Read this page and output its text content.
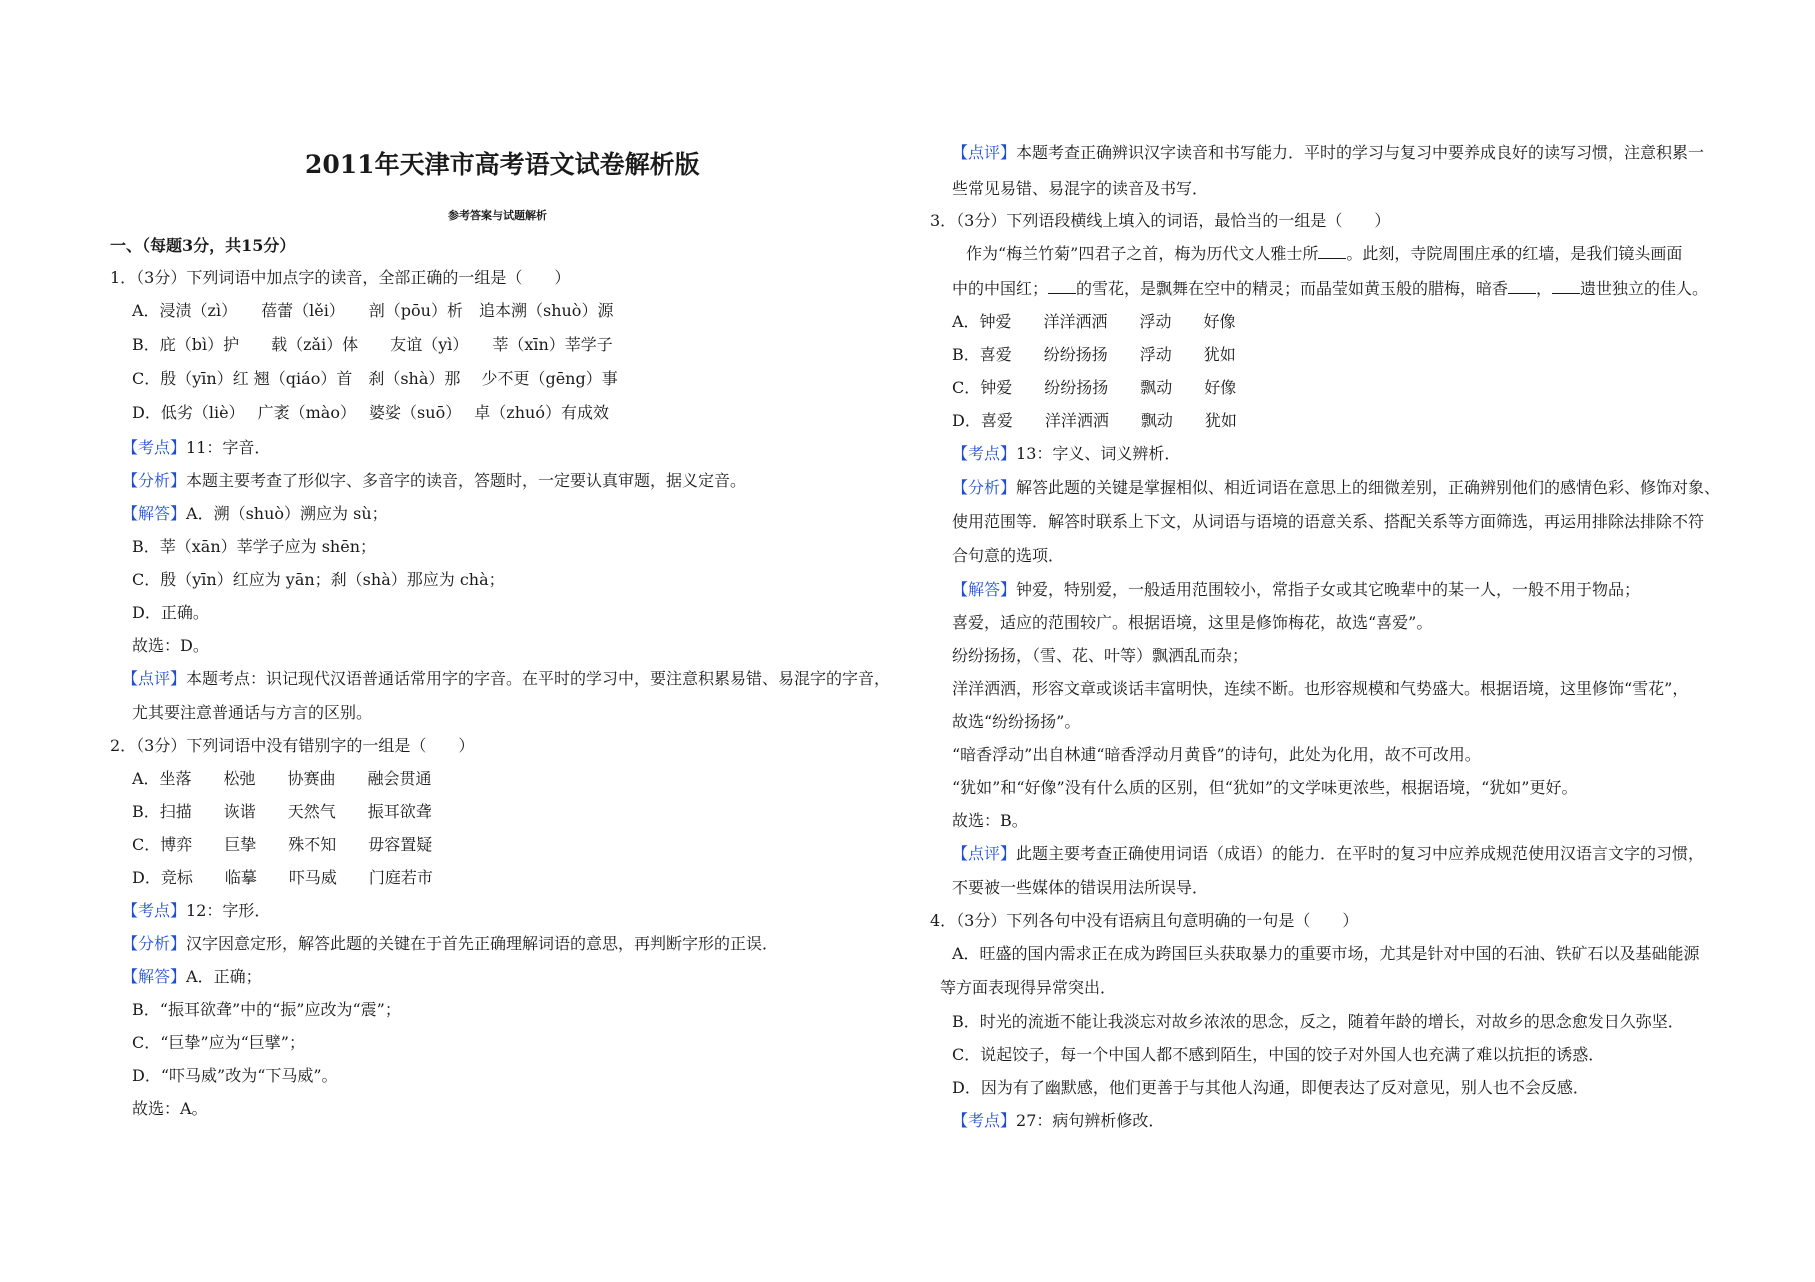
2011年天津市高考语文试卷解析版
参考答案与试题解析
一、（每题3分，共15分）
1．（3分）下列词语中加点字的读音，全部正确的一组是（　　）
A．浸渍（zì）　　蓓蕾（lěi）　　剖（pōu）析　追本溯（shuò）源
B．庇（bì）护　　载（zǎi）体　　友谊（yì）　　莘（xīn）莘学子
C．殷（yīn）红 翘（qiáo）首　刹（shà）那　 少不更（gēng）事
D．低劣（liè）　 广袤（mào）　 婆娑（suō）　 卓（zhuó）有成效
【考点】11：字音．
【分析】本题主要考查了形似字、多音字的读音，答题时，一定要认真审题，据义定音。
【解答】A．溯（shuò）溯应为 sù；
B．莘（xān）莘学子应为 shēn；
C．殷（yīn）红应为 yān；刹（shà）那应为 chà；
D．正确。
故选：D。
【点评】本题考点：识记现代汉语普通话常用字的字音。在平时的学习中，要注意积累易错、易混字的字音，
尤其要注意普通话与方言的区别。
2．（3分）下列词语中没有错别字的一组是（　　）
A．坐落　　松弛　　协赛曲　　融会贯通
B．扫描　　诙谐　　天然气　　振耳欲聋
C．博弈　　巨挚　　殊不知　　毋容置疑
D．竞标　　临摹　　吓马威　　门庭若市
【考点】12：字形．
【分析】汉字因意定形，解答此题的关键在于首先正确理解词语的意思，再判断字形的正误．
【解答】A．正确；
B．“振耳欲聋”中的“振”应改为“震”；
C．“巨挚”应为“巨擘”；
D．“吓马威”改为“下马威”。
故选：A。
【点评】本题考查正确辨识汉字读音和书写能力．平时的学习与复习中要养成良好的读写习惯，注意积累一
些常见易错、易混字的读音及书写．
3．（3分）下列语段横线上填入的词语，最恰当的一组是（　　）
作为“梅兰竹菊”四君子之首，梅为历代文人雅士所 。此刻，寺院周围庄承的红墙，是我们镜头画面
中的中国红； 的雪花，是飘舞在空中的精灵；而晶莹如黄玉般的腊梅，暗香 ， 遗世独立的佳人。
A．钟爱　　洋洋洒洒　　浮动　　好像
B．喜爱　　纷纷扬扬　　浮动　　犹如
C．钟爱　　纷纷扬扬　　飘动　　好像
D．喜爱　　洋洋洒洒　　飘动　　犹如
【考点】13：字义、词义辨析．
【分析】解答此题的关键是掌握相似、相近词语在意思上的细微差别，正确辨别他们的感情色彩、修饰对象、
使用范围等．解答时联系上下文，从词语与语境的语意关系、搭配关系等方面筛选，再运用排除法排除不符
合句意的选项．
【解答】钟爱，特别爱，一般适用范围较小，常指子女或其它晚辈中的某一人，一般不用于物品；
喜爱，适应的范围较广。根据语境，这里是修饰梅花，故选“喜爱”。
纷纷扬扬，（雪、花、叶等）飘洒乱而杂；
洋洋洒洒，形容文章或谈话丰富明快，连续不断。也形容规模和气势盛大。根据语境，这里修饰“雪花”，
故选“纷纷扬扬”。
“暗香浮动”出自林逋“暗香浮动月黄昏”的诗句，此处为化用，故不可改用。
“犹如”和“好像”没有什么质的区别，但“犹如”的文学味更浓些，根据语境，“犹如”更好。
故选：B。
【点评】此题主要考查正确使用词语（成语）的能力．在平时的复习中应养成规范使用汉语言文字的习惯，
不要被一些媒体的错误用法所误导．
4．（3分）下列各句中没有语病且句意明确的一句是（　　）
A．旺盛的国内需求正在成为跨国巨头获取暴力的重要市场，尤其是针对中国的石油、铁矿石以及基础能源
等方面表现得异常突出．
B．时光的流逝不能让我淡忘对故乡浓浓的思念，反之，随着年龄的增长，对故乡的思念愈发日久弥坚．
C．说起饺子，每一个中国人都不感到陌生，中国的饺子对外国人也充满了难以抗拒的诱惑．
D．因为有了幽默感，他们更善于与其他人沟通，即便表达了反对意见，别人也不会反感．
【考点】27：病句辨析修改．
